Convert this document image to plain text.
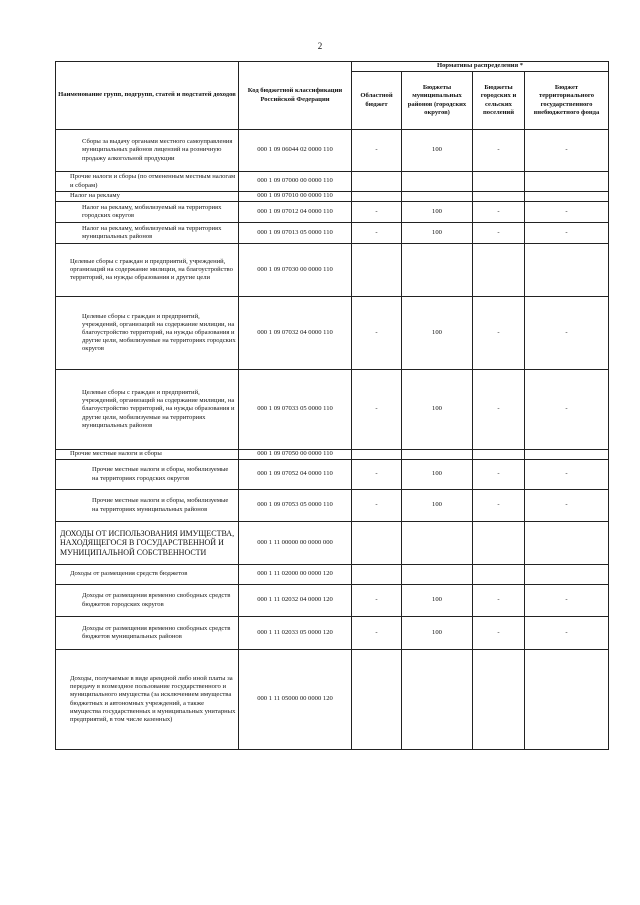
2
Наименование групп, подгрупп, статей и подстатей доходов	Код бюджетной классификации Российской Федерации	Нормативы распределения *			
		Областной бюджет	Бюджеты муниципальных районов (городских округов)	Бюджеты городских и сельских поселений	Бюджет территориального государственного внебюджетного фонда
Сборы за выдачу органами местного самоуправления муниципальных районов лицензий на розничную продажу алкогольной продукции	000 1 09 06044 02 0000 110	-	100	-	-
Прочие налоги и сборы (по отмененным местным налогам и сборам)	000 1 09 07000 00 0000 110				
Налог на рекламу	000 1 09 07010 00 0000 110				
Налог на рекламу, мобилизуемый на территориях городских округов	000 1 09 07012 04 0000 110	-	100	-	-
Налог на рекламу, мобилизуемый на территориях муниципальных районов	000 1 09 07013 05 0000 110	-	100	-	-
Целевые сборы с граждан и предприятий, учреждений, организаций на содержание милиции, на благоустройство территорий, на нужды образования и другие цели	000 1 09 07030 00 0000 110				
Целевые сборы с граждан и предприятий, учреждений, организаций на содержание милиции, на благоустройство территорий, на нужды образования и другие цели, мобилизуемые на территориях городских округов	000 1 09 07032 04 0000 110	-	100	-	-
Целевые сборы с граждан и предприятий, учреждений, организаций на содержание милиции, на благоустройство территорий, на нужды образования и другие цели, мобилизуемые на территориях муниципальных районов	000 1 09 07033 05 0000 110	-	100	-	-
Прочие местные налоги и сборы	000 1 09 07050 00 0000 110				
Прочие местные налоги и сборы, мобилизуемые на территориях городских округов	000 1 09 07052 04 0000 110	-	100	-	-
Прочие местные налоги и сборы, мобилизуемые на территориях муниципальных районов	000 1 09 07053 05 0000 110	-	100	-	-
ДОХОДЫ ОТ ИСПОЛЬЗОВАНИЯ ИМУЩЕСТВА, НАХОДЯЩЕГОСЯ В ГОСУДАРСТВЕННОЙ И МУНИЦИПАЛЬНОЙ СОБСТВЕННОСТИ	000 1 11 00000 00 0000 000				
Доходы от размещения средств бюджетов	000 1 11 02000 00 0000 120				
Доходы от размещения временно свободных средств бюджетов городских округов	000 1 11 02032 04 0000 120	-	100	-	-
Доходы от размещения временно свободных средств бюджетов муниципальных районов	000 1 11 02033 05 0000 120	-	100	-	-
Доходы, получаемые в виде арендной либо иной платы за передачу в возмездное пользование государственного и муниципального имущества (за исключением имущества бюджетных и автономных учреждений, а также имущества государственных и муниципальных унитарных предприятий, в том числе казенных)	000 1 11 05000 00 0000 120				
